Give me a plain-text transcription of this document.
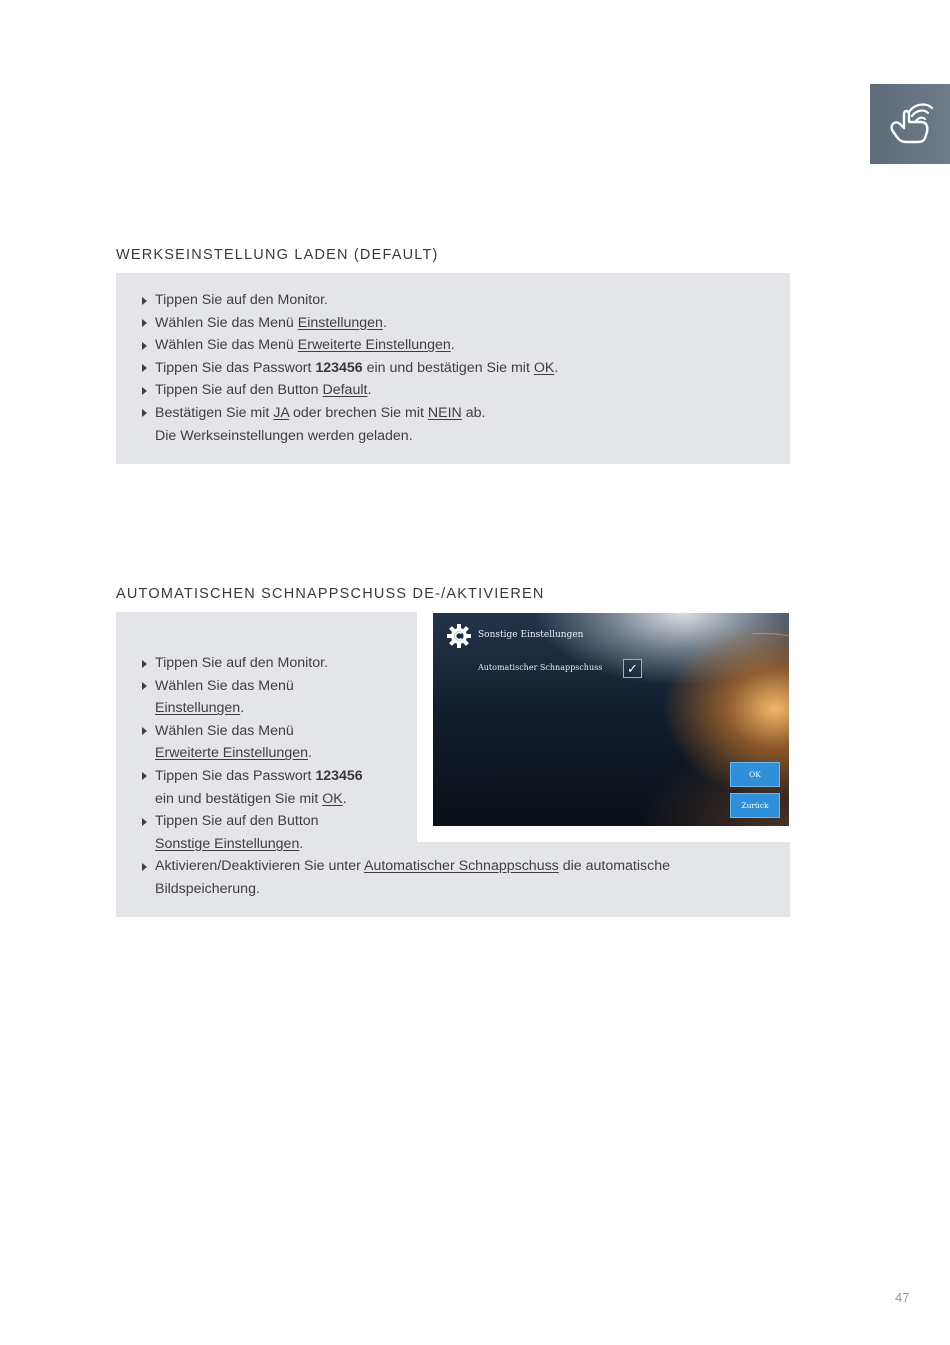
WERKSEINSTELLUNG LADEN (DEFAULT)
Tippen Sie auf den Monitor.
Wählen Sie das Menü Einstellungen.
Wählen Sie das Menü Erweiterte Einstellungen.
Tippen Sie das Passwort 123456 ein und bestätigen Sie mit OK.
Tippen Sie auf den Button Default.
Bestätigen Sie mit JA oder brechen Sie mit NEIN ab.
Die Werkseinstellungen werden geladen.
AUTOMATISCHEN SCHNAPPSCHUSS DE-/AKTIVIEREN
Tippen Sie auf den Monitor.
Wählen Sie das Menü
Einstellungen.
Wählen Sie das Menü
Erweiterte Einstellungen.
Tippen Sie das Passwort 123456
ein und bestätigen Sie mit OK.
Tippen Sie auf den Button
Sonstige Einstellungen.
Aktivieren/Deaktivieren Sie unter Automatischer Schnappschuss die automatische
Bildspeicherung.
Sonstige Einstellungen
Automatischer Schnappschuss	✓
OK
Zurück
47
